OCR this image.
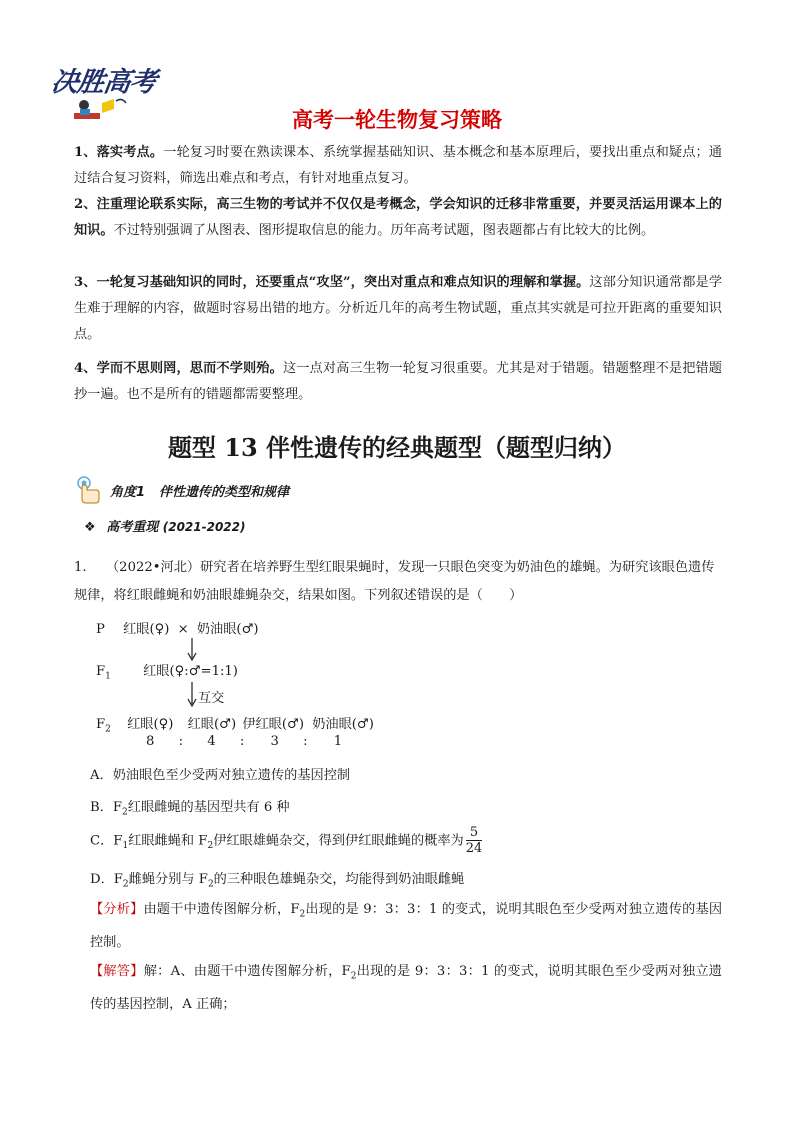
决胜高考
高考一轮生物复习策略
1、落实考点。一轮复习时要在熟读课本、系统掌握基础知识、基本概念和基本原理后，要找出重点和疑点；通过结合复习资料，筛选出难点和考点，有针对地重点复习。
2、注重理论联系实际，高三生物的考试并不仅仅是考概念，学会知识的迁移非常重要，并要灵活运用课本上的知识。不过特别强调了从图表、图形提取信息的能力。历年高考试题，图表题都占有比较大的比例。
3、一轮复习基础知识的同时，还要重点“攻坚”，突出对重点和难点知识的理解和掌握。这部分知识通常都是学生难于理解的内容，做题时容易出错的地方。分析近几年的高考生物试题，重点其实就是可拉开距离的重要知识点。
4、学而不思则罔，思而不学则殆。这一点对高三生物一轮复习很重要。尤其是对于错题。错题整理不是把错题抄一遍。也不是所有的错题都需要整理。
题型 13 伴性遗传的经典题型（题型归纳）
角度1 伴性遗传的类型和规律
❖ 高考重现 (2021-2022)
1. （2022•河北）研究者在培养野生型红眼果蝇时，发现一只眼色突变为奶油色的雄蝇。为研究该眼色遗传规律，将红眼雌蝇和奶油眼雄蝇杂交，结果如图。下列叙述错误的是（　　）
P 红眼(♀) × 奶油眼(♂)
$F_1$ 红眼(♀:♂=1:1)
互交
$F_2$ 红眼(♀) 红眼(♂) 伊红眼(♂) 奶油眼(♂)
8 : 4 : 3 : 1
A．奶油眼色至少受两对独立遗传的基因控制
B．$F_2$红眼雌蝇的基因型共有 6 种
C．$F_1$红眼雌蝇和 $F_2$伊红眼雄蝇杂交，得到伊红眼雌蝇的概率为 $\frac{5}{24}$
D．$F_2$雌蝇分别与 $F_2$的三种眼色雄蝇杂交，均能得到奶油眼雌蝇
【分析】由题干中遗传图解分析，$F_2$出现的是 9：3：3：1 的变式，说明其眼色至少受两对独立遗传的基因控制。
【解答】解：A、由题干中遗传图解分析，$F_2$出现的是 9：3：3：1 的变式，说明其眼色至少受两对独立遗传的基因控制，A 正确；
